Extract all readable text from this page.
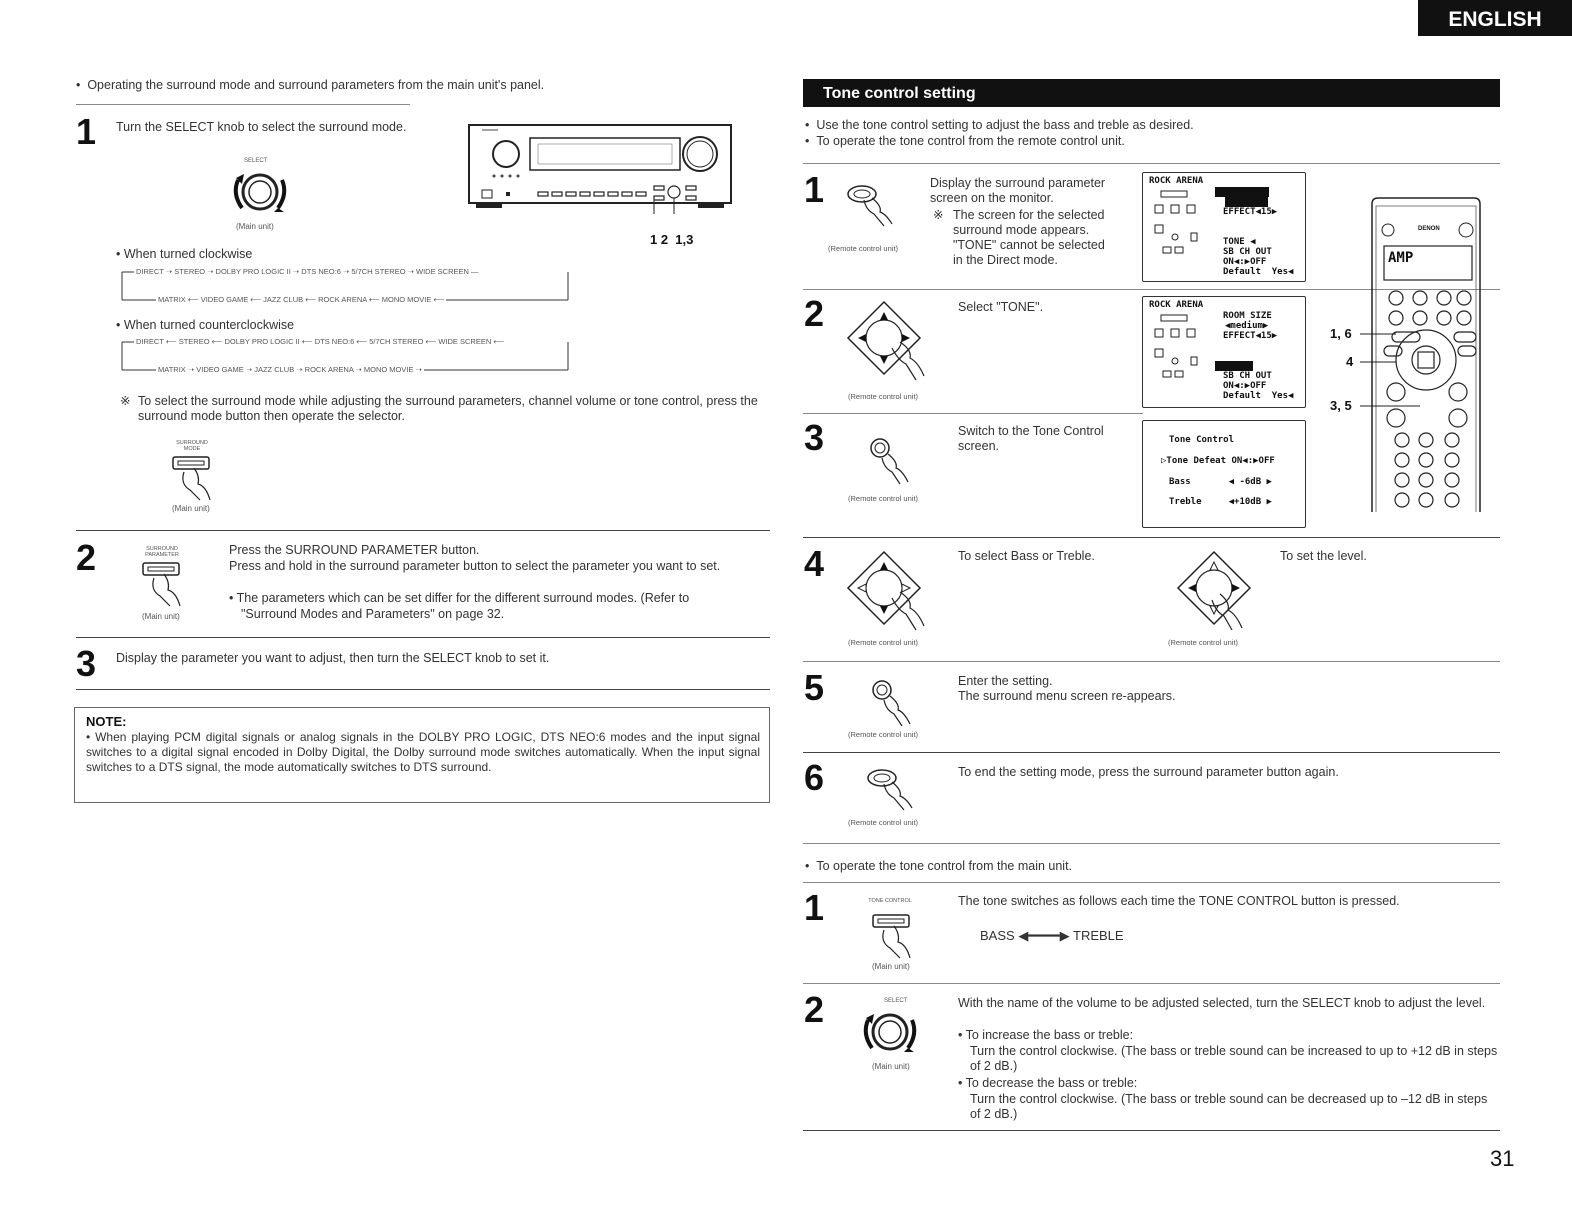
ENGLISH
31
•  Operating the surround mode and surround parameters from the main unit's panel.
1 Turn the SELECT knob to select the surround mode.
SELECT
(Main unit)
1 2  1,3
• When turned clockwise
DIRECT ➝ STEREO ➝ DOLBY PRO LOGIC II ➝ DTS NEO:6 ➝ 5/7CH STEREO ➝ WIDE SCREEN —
MATRIX ⟵ VIDEO GAME ⟵ JAZZ CLUB ⟵ ROCK ARENA ⟵ MONO MOVIE ⟵
• When turned counterclockwise
DIRECT ⟵ STEREO ⟵ DOLBY PRO LOGIC II ⟵ DTS NEO:6 ⟵ 5/7CH STEREO ⟵ WIDE SCREEN ⟵
MATRIX ➝ VIDEO GAME ➝ JAZZ CLUB ➝ ROCK ARENA ➝ MONO MOVIE ➝
※ To select the surround mode while adjusting the surround parameters, channel volume or tone control, press the surround mode button then operate the selector.
SURROUND MODE
(Main unit)
2	SURROUND PARAMETER
(Main unit)
Press the SURROUND PARAMETER button.
Press and hold in the surround parameter button to select the parameter you want to set.
• The parameters which can be set differ for the different surround modes. (Refer to
"Surround Modes and Parameters" on page 32.
3 Display the parameter you want to adjust, then turn the SELECT knob to set it.
NOTE:
• When playing PCM digital signals or analog signals in the DOLBY PRO LOGIC, DTS NEO:6 modes and the input signal switches to a digital signal encoded in Dolby Digital, the Dolby surround mode switches automatically. When the input signal switches to a DTS signal, the mode automatically switches to DTS surround.
Tone control setting
•  Use the tone control setting to adjust the bass and treble as desired.
•  To operate the tone control from the remote control unit.
1
(Remote control unit)
Display the surround parameter
screen on the monitor.
※ The screen for the selected
surround mode appears.
"TONE" cannot be selected
in the Direct mode.
ROCK ARENA
▷ROOM SIZE
◀medium▶
EFFECT◀15▶
TONE ◀
SB CH OUT
ON◀:▶OFF
Default  Yes◀
2
(Remote control unit)
Select "TONE".	ROCK ARENA
ROOM SIZE
◀medium▶
EFFECT◀15▶
▷TONE ◀
SB CH OUT
ON◀:▶OFF
Default  Yes◀
3
(Remote control unit)
Switch to the Tone Control
screen.	Tone Control
▷Tone Defeat ON◀:▶OFF
Bass       ◀ -6dB ▶
Treble     ◀+10dB ▶
DENON
AMP
1, 6
4
3, 5
4
(Remote control unit)
To select Bass or Treble.
(Remote control unit)
To set the level.
5
(Remote control unit)
Enter the setting.
The surround menu screen re-appears.
6
(Remote control unit)
To end the setting mode, press the surround parameter button again.
•  To operate the tone control from the main unit.
1	TONE CONTROL
(Main unit)
The tone switches as follows each time the TONE CONTROL button is pressed.
BASS ◀━━━━▶ TREBLE
2	SELECT
(Main unit)
With the name of the volume to be adjusted selected, turn the SELECT knob to adjust the level.
• To increase the bass or treble:
Turn the control clockwise. (The bass or treble sound can be increased to up to +12 dB in steps of 2 dB.)
• To decrease the bass or treble:
Turn the control clockwise. (The bass or treble sound can be decreased up to –12 dB in steps of 2 dB.)
